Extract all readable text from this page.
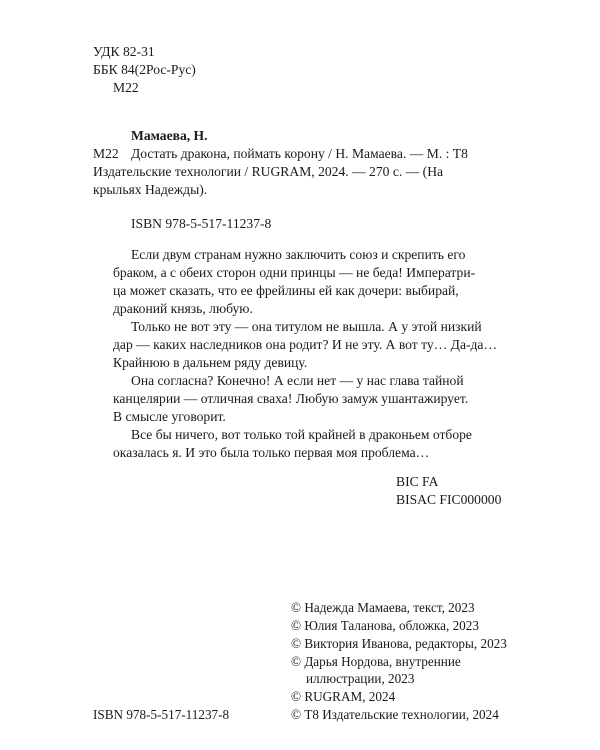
УДК 82-31
ББК 84(2Рос-Рус)
М22
Мамаева, Н.
М22 Достать дракона, поймать корону / Н. Мамаева. — М. : Т8
Издательские технологии / RUGRAM, 2024. — 270 с. — (На
крыльях Надежды).
ISBN 978-5-517-11237-8
Если двум странам нужно заключить союз и скрепить его
браком, а с обеих сторон одни принцы — не беда! Императри-
ца может сказать, что ее фрейлины ей как дочери: выбирай,
драконий князь, любую.
Только не вот эту — она титулом не вышла. А у этой низкий
дар — каких наследников она родит? И не эту. А вот ту… Да-да…
Крайнюю в дальнем ряду девицу.
Она согласна? Конечно! А если нет — у нас глава тайной
канцелярии — отличная сваха! Любую замуж ушантажирует.
В смысле уговорит.
Все бы ничего, вот только той крайней в драконьем отборе
оказалась я. И это была только первая моя проблема…
BIC FA
BISAC FIC000000
© Надежда Мамаева, текст, 2023
© Юлия Таланова, обложка, 2023
© Виктория Иванова, редакторы, 2023
© Дарья Нордова, внутренние
иллюстрации, 2023
© RUGRAM, 2024
© Т8 Издательские технологии, 2024
ISBN 978-5-517-11237-8
